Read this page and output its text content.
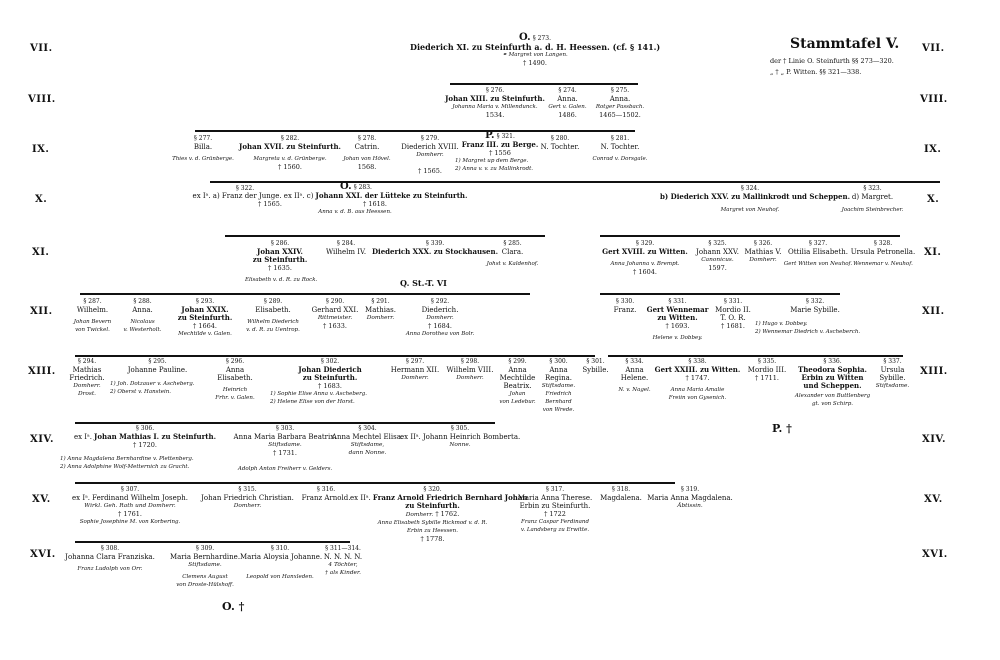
VII.
VIII.
IX.
X.
XI.
XII.
XIII.
XIV.
XV.
XVI.
VII.
VIII.
IX.
X.
XI.
XII.
XIII.
XIV.
XV.
XVI.
Stammtafel V.
der † Linie O. Steinfurth §§ 273—320.
„ † „ P. Witten. §§ 321—338.
O. § 273.
Diederich XI. zu Steinfurth a. d. H. Heessen. (cf. § 141.)
⚭ Margret von Langen.
† 1490.
§ 276.
Johan XIII. zu Steinfurth.
Johanna Maria v. Millendunck.
1534.
§ 274.
Anna.
Gert v. Galen.
1486.
§ 275.
Anna.
Rotger Passbach.
1465—1502.
§ 277.
Billa.
Thies v. d. Grünberge.
§ 282.
Johan XVII. zu Steinfurth.
Margreta v. d. Grünberge.
† 1560.
§ 278.
Catrin.
Johan von Hövel.
1568.
§ 279.
Diederich XVIII.
Domherr.
† 1565.
P. § 321.
Franz III. zu Berge.
† 1556
1) Margret up dem Berge.
2) Anna v. v. zu Mallinkrodt.
§ 280.
N. Tochter.
§ 281.
N. Tochter.
Conrad v. Dorsgale.
§ 322.	O. § 283.
ex Iᵃ. a) Franz der Junge. ex IIᵃ. c) Johann XXI. der Lütteke zu Steinfurth.
† 1565.	† 1618.
Anna v. d. B. aus Heessen.
§ 324.
b) Diederich XXV. zu Mallinkrodt und Scheppen.
Margret von Neuhof.
§ 323.
d) Margret.
Joachim Steinbrecher.
§ 286.
Johan XXIV.
zu Steinfurth.
† 1635.
Elisabeth v. d. R. zu Rock.
§ 284.
Wilhelm IV.
§ 339.
Diederich XXX. zu Stockhausen.
Q. St.-T. VI
§ 285.
Clara.
Johst v. Kaldenhof.
§ 329.
Gert XVIII. zu Witten.
Anna Johanna v. Brempt.
† 1604.
§ 325.
Johann XXV.
Canonicus.
1597.
§ 326.
Mathias V.
Domherr.
§ 327.
Ottilia Elisabeth.
Gert Witten von Neuhof.
§ 328.
Ursula Petronella.
Wennemar v. Neuhof.
§ 287.
Wilhelm.
Johan Bevern
von Twickel.
§ 288.
Anna.
Nicolaus
v. Westerholt.
§ 293.
Johan XXIX.
zu Steinfurth.
† 1664.
Mechtilde v. Galen.
§ 289.
Elisabeth.
Wilhelm Diederich
v. d. R. zu Uentrop.
§ 290.
Gerhard XXI.
Rittmeister.
† 1633.
§ 291.
Mathias.
Domherr.
§ 292.
Diederich.
Domherr.
† 1684.
Anna Dorothea von Bolr.
§ 330.
Franz.
§ 331.
Gert Wennemar
zu Witten.
† 1693.
Helene v. Dobbey.
§ 331.
Mordio II.
T. O. R.
† 1681.
§ 332.
Marie Sybille.
1) Hugo v. Dobbey.
2) Wennemar Diedrich v. Ascheberch.
§ 294.
Mathias
Friedrich.
Domherr.
Drost.
§ 295.
Johanne Pauline.
1) Joh. Dotzauer v. Ascheberg.
2) Oberst v. Hanstein.
§ 296.
Anna
Elisabeth.
Heinrich
Frhr. v. Galen.
§ 302.
Johan Diederich
zu Steinfurth.
† 1683.
1) Sophie Elise Anna v. Ascheberg.
2) Helene Elise von der Horst.
§ 297.
Hermann XII.
Domherr.
§ 298.
Wilhelm VIII.
Domherr.
§ 299.
Anna
Mechtilde
Beatrix.
Johan
von Ledebur.
§ 300.
Anna
Regina.
Stiftsdame.
Friedrich
Bernhard
von Wrede.
§ 301.
Sybille.
§ 334.
Anna
Helene.
N. v. Nagel.
§ 338.
Gert XXIII. zu Witten.
† 1747.
Anna Maria Amalie
Freiin von Gysenich.
§ 335.
Mordio III.
† 1711.
§ 336.
Theodora Sophia.
Erbin zu Witten
und Scheppen.
Alexander von Buttlenberg
gt. von Schirp.
§ 337.
Ursula
Sybille.
Stiftsdame.
P. †
§ 306.
ex Iᵃ. Johan Mathias I. zu Steinfurth.
† 1720.
1) Anna Magdalena Bernhardine v. Plettenberg.
2) Anna Adolphine Wolf-Metternich zu Gracht.
§ 303.
Anna Maria Barbara Beatrix.
Stiftsdame.
† 1731.
Adolph Anton Freiherr v. Gelders.
§ 304.
Anna Mechtel Elisa.
Stiftsdame,
dann Nonne.
§ 305.
ex IIᵃ. Johann Heinrich Bomberta.
Nonne.
§ 307.
ex Iᵃ. Ferdinand Wilhelm Joseph.
Wirkl. Geh. Rath und Domherr.
† 1761.
Sophie Josephine M. von Korbering.
§ 315.
Johan Friedrich Christian.
Domherr.
§ 316.
Franz Arnold.
§ 320.
ex IIᵃ. Franz Arnold Friedrich Bernhard Johan
zu Steinfurth.
Domherr. † 1762.
Anna Elisabeth Sybille Rickmod v. d. R.
Erbin zu Heessen.
† 1778.
§ 317.
Maria Anna Therese.
Erbin zu Steinfurth.
† 1722
Franz Caspar Ferdinand
v. Landsberg zu Erwitte.
§ 318.
Magdalena.
§ 319.
Maria Anna Magdalena.
Äbtissin.
§ 308.
Johanna Clara Franziska.
Franz Ludolph von Orr.
§ 309.
Maria Bernhardine.
Stiftsdame.
Clemens August
von Droste-Hülshoff.
§ 310.
Maria Aloysia Johanne.
Leopold von Hanxleden.
§ 311—314.
N. N. N. N.
4 Töchter,
† als Kinder.
O. †
